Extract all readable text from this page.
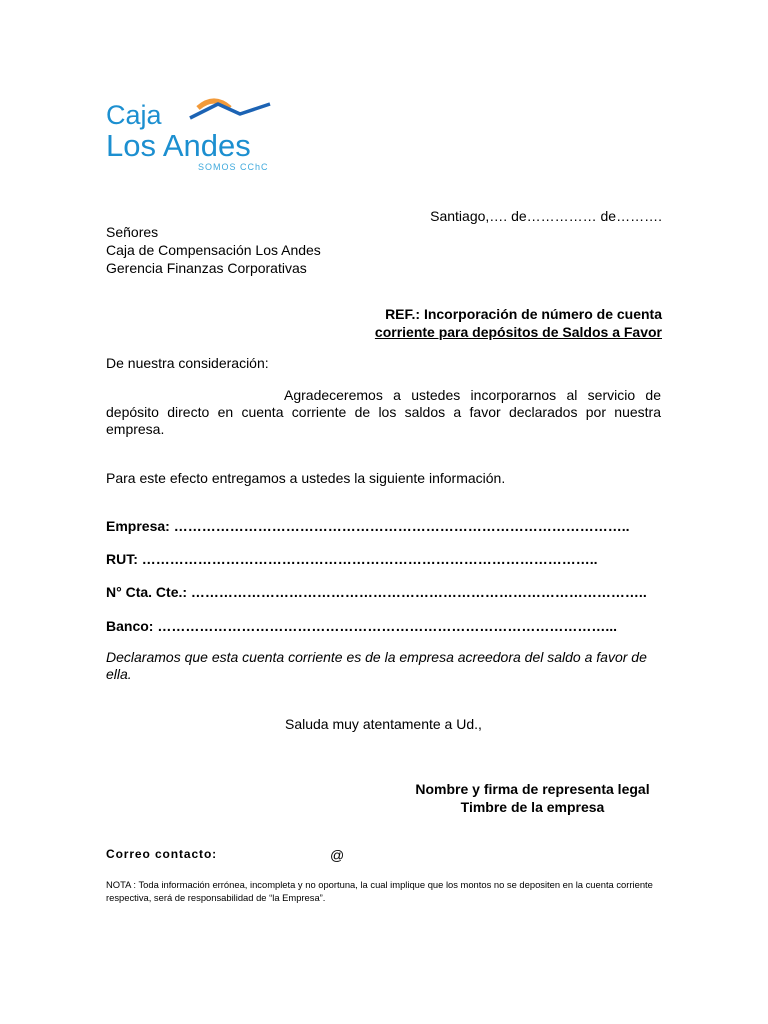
Caja
Los Andes
SOMOS CChC
Santiago,…. de…………… de……….
Señores
Caja de Compensación Los Andes
Gerencia Finanzas Corporativas
REF.: Incorporación de número de cuenta
corriente para depósitos de Saldos a Favor
De nuestra consideración:
Agradeceremos a ustedes incorporarnos al servicio de depósito directo en cuenta corriente de los saldos a favor declarados por nuestra empresa.
Para este efecto entregamos a ustedes la siguiente información.
Empresa: ……………………………………………………………………………………..
RUT: ……………………………………………………………………………………..
N° Cta. Cte.: ……………………………………………………………………………………..
Banco: ……………………………………………………………………………………...
Declaramos que esta cuenta corriente es de la empresa acreedora del saldo a favor de ella.
Saluda muy atentamente a Ud.,
Nombre y firma de representa legal
Timbre de la empresa
Correo contacto:	@
NOTA : Toda información errónea, incompleta y no oportuna, la cual implique que los montos no se depositen en la cuenta corriente respectiva, será de responsabilidad de “la Empresa”.
